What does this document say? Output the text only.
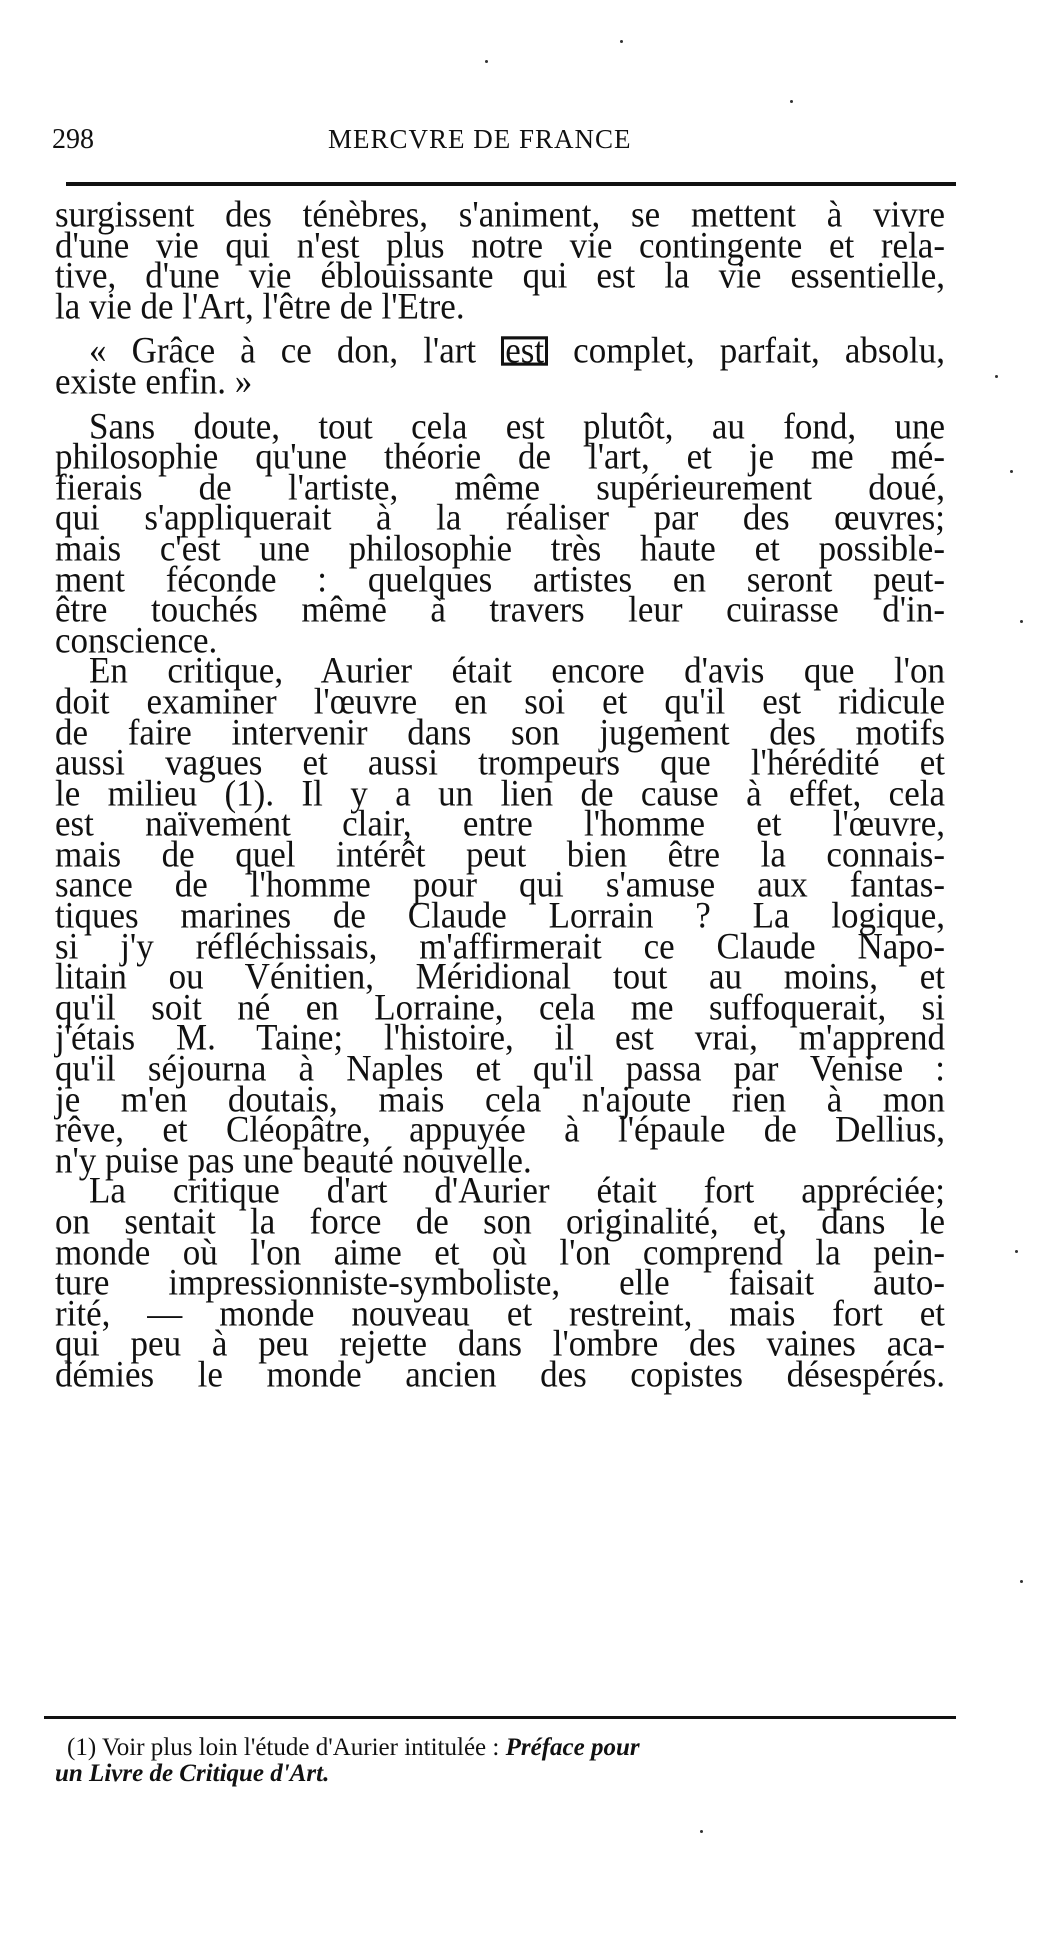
298	MERCVRE DE FRANCE
surgissent des ténèbres, s'animent, se mettent à vivre
d'une vie qui n'est plus notre vie contingente et rela-
tive, d'une vie éblouissante qui est la vie essentielle,
la vie de l'Art, l'être de l'Etre.
« Grâce à ce don, l'art est complet, parfait, absolu,
existe enfin. »
Sans doute, tout cela est plutôt, au fond, une
philosophie qu'une théorie de l'art, et je me mé-
fierais de l'artiste, même supérieurement doué,
qui s'appliquerait à la réaliser par des œuvres;
mais c'est une philosophie très haute et possible-
ment féconde : quelques artistes en seront peut-
être touchés même à travers leur cuirasse d'in-
conscience.
En critique, Aurier était encore d'avis que l'on
doit examiner l'œuvre en soi et qu'il est ridicule
de faire intervenir dans son jugement des motifs
aussi vagues et aussi trompeurs que l'hérédité et
le milieu (1). Il y a un lien de cause à effet, cela
est naïvement clair, entre l'homme et l'œuvre,
mais de quel intérêt peut bien être la connais-
sance de l'homme pour qui s'amuse aux fantas-
tiques marines de Claude Lorrain ? La logique,
si j'y réfléchissais, m'affirmerait ce Claude Napo-
litain ou Vénitien, Méridional tout au moins, et
qu'il soit né en Lorraine, cela me suffoquerait, si
j'étais M. Taine; l'histoire, il est vrai, m'apprend
qu'il séjourna à Naples et qu'il passa par Venise :
je m'en doutais, mais cela n'ajoute rien à mon
rêve, et Cléopâtre, appuyée à l'épaule de Dellius,
n'y puise pas une beauté nouvelle.
La critique d'art d'Aurier était fort appréciée;
on sentait la force de son originalité, et, dans le
monde où l'on aime et où l'on comprend la pein-
ture impressionniste-symboliste, elle faisait auto-
rité, — monde nouveau et restreint, mais fort et
qui peu à peu rejette dans l'ombre des vaines aca-
démies le monde ancien des copistes désespérés.
(1) Voir plus loin l'étude d'Aurier intitulée : Préface pour
un Livre de Critique d'Art.
